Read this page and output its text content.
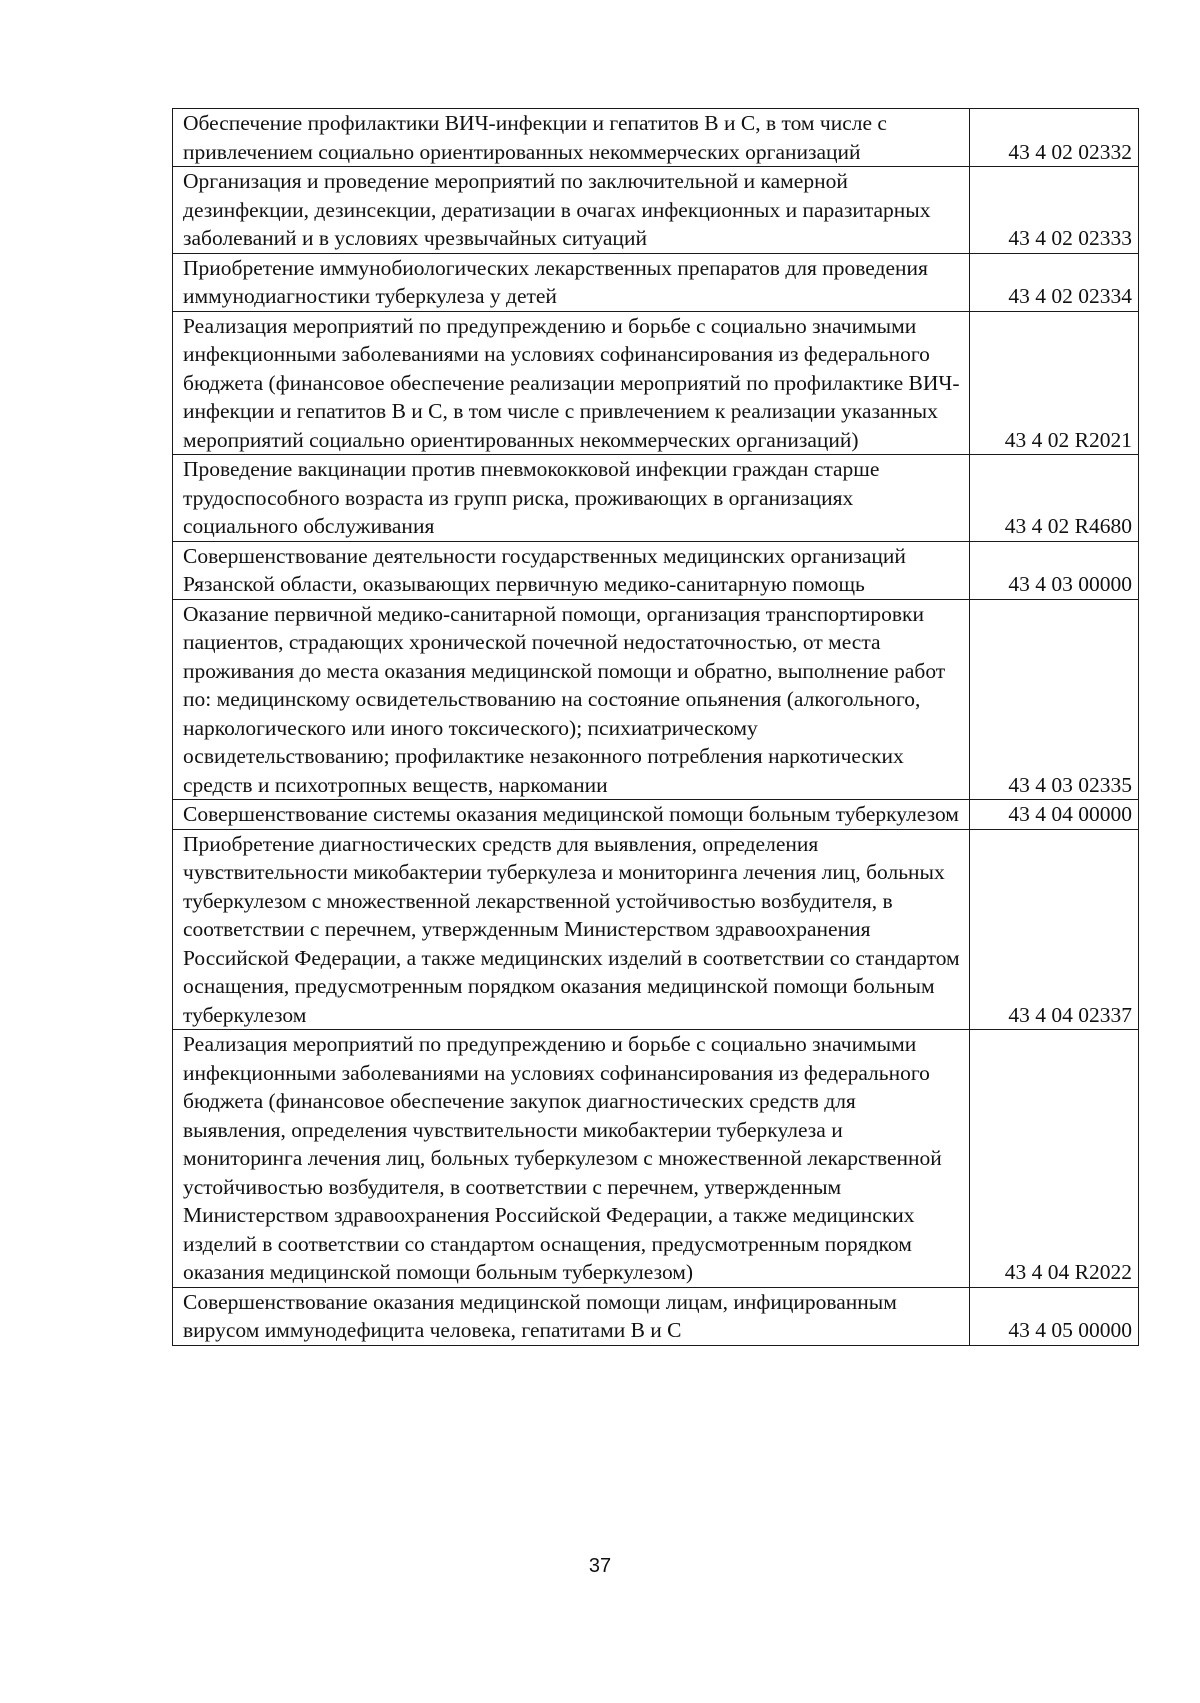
Обеспечение профилактики ВИЧ-инфекции и гепатитов В и С, в том числе с привлечением социально ориентированных некоммерческих организаций	43 4 02 02332
Организация и проведение мероприятий по заключительной и камерной дезинфекции, дезинсекции, дератизации в очагах инфекционных и паразитарных заболеваний и в условиях чрезвычайных ситуаций	43 4 02 02333
Приобретение иммунобиологических лекарственных препаратов для проведения иммунодиагностики туберкулеза у детей	43 4 02 02334
Реализация мероприятий по предупреждению и борьбе с социально значимыми инфекционными заболеваниями на условиях софинансирования из федерального бюджета (финансовое обеспечение реализации мероприятий по профилактике ВИЧ-инфекции и гепатитов В и С, в том числе с привлечением к реализации указанных мероприятий социально ориентированных некоммерческих организаций)	43 4 02 R2021
Проведение вакцинации против пневмококковой инфекции граждан старше трудоспособного возраста из групп риска, проживающих в организациях социального обслуживания	43 4 02 R4680
Совершенствование деятельности государственных медицинских организаций Рязанской области, оказывающих первичную медико-санитарную помощь	43 4 03 00000
Оказание первичной медико-санитарной помощи, организация транспортировки пациентов, страдающих хронической почечной недостаточностью, от места проживания до места оказания медицинской помощи и обратно, выполнение работ по: медицинскому освидетельствованию на состояние опьянения (алкогольного, наркологического или иного токсического); психиатрическому освидетельствованию; профилактике незаконного потребления наркотических средств и психотропных веществ, наркомании	43 4 03 02335
Совершенствование системы оказания медицинской помощи больным туберкулезом	43 4 04 00000
Приобретение диагностических средств для выявления, определения чувствительности микобактерии туберкулеза и мониторинга лечения лиц, больных туберкулезом с множественной лекарственной устойчивостью возбудителя, в соответствии с перечнем, утвержденным Министерством здравоохранения Российской Федерации, а также медицинских изделий в соответствии со стандартом оснащения, предусмотренным порядком оказания медицинской помощи больным туберкулезом	43 4 04 02337
Реализация мероприятий по предупреждению и борьбе с социально значимыми инфекционными заболеваниями на условиях софинансирования из федерального бюджета (финансовое обеспечение закупок диагностических средств для выявления, определения чувствительности микобактерии туберкулеза и мониторинга лечения лиц, больных туберкулезом с множественной лекарственной устойчивостью возбудителя, в соответствии с перечнем, утвержденным Министерством здравоохранения Российской Федерации, а также медицинских изделий в соответствии со стандартом оснащения, предусмотренным порядком оказания медицинской помощи больным туберкулезом)	43 4 04 R2022
Совершенствование оказания медицинской помощи лицам, инфицированным вирусом иммунодефицита человека, гепатитами В и С	43 4 05 00000
37
